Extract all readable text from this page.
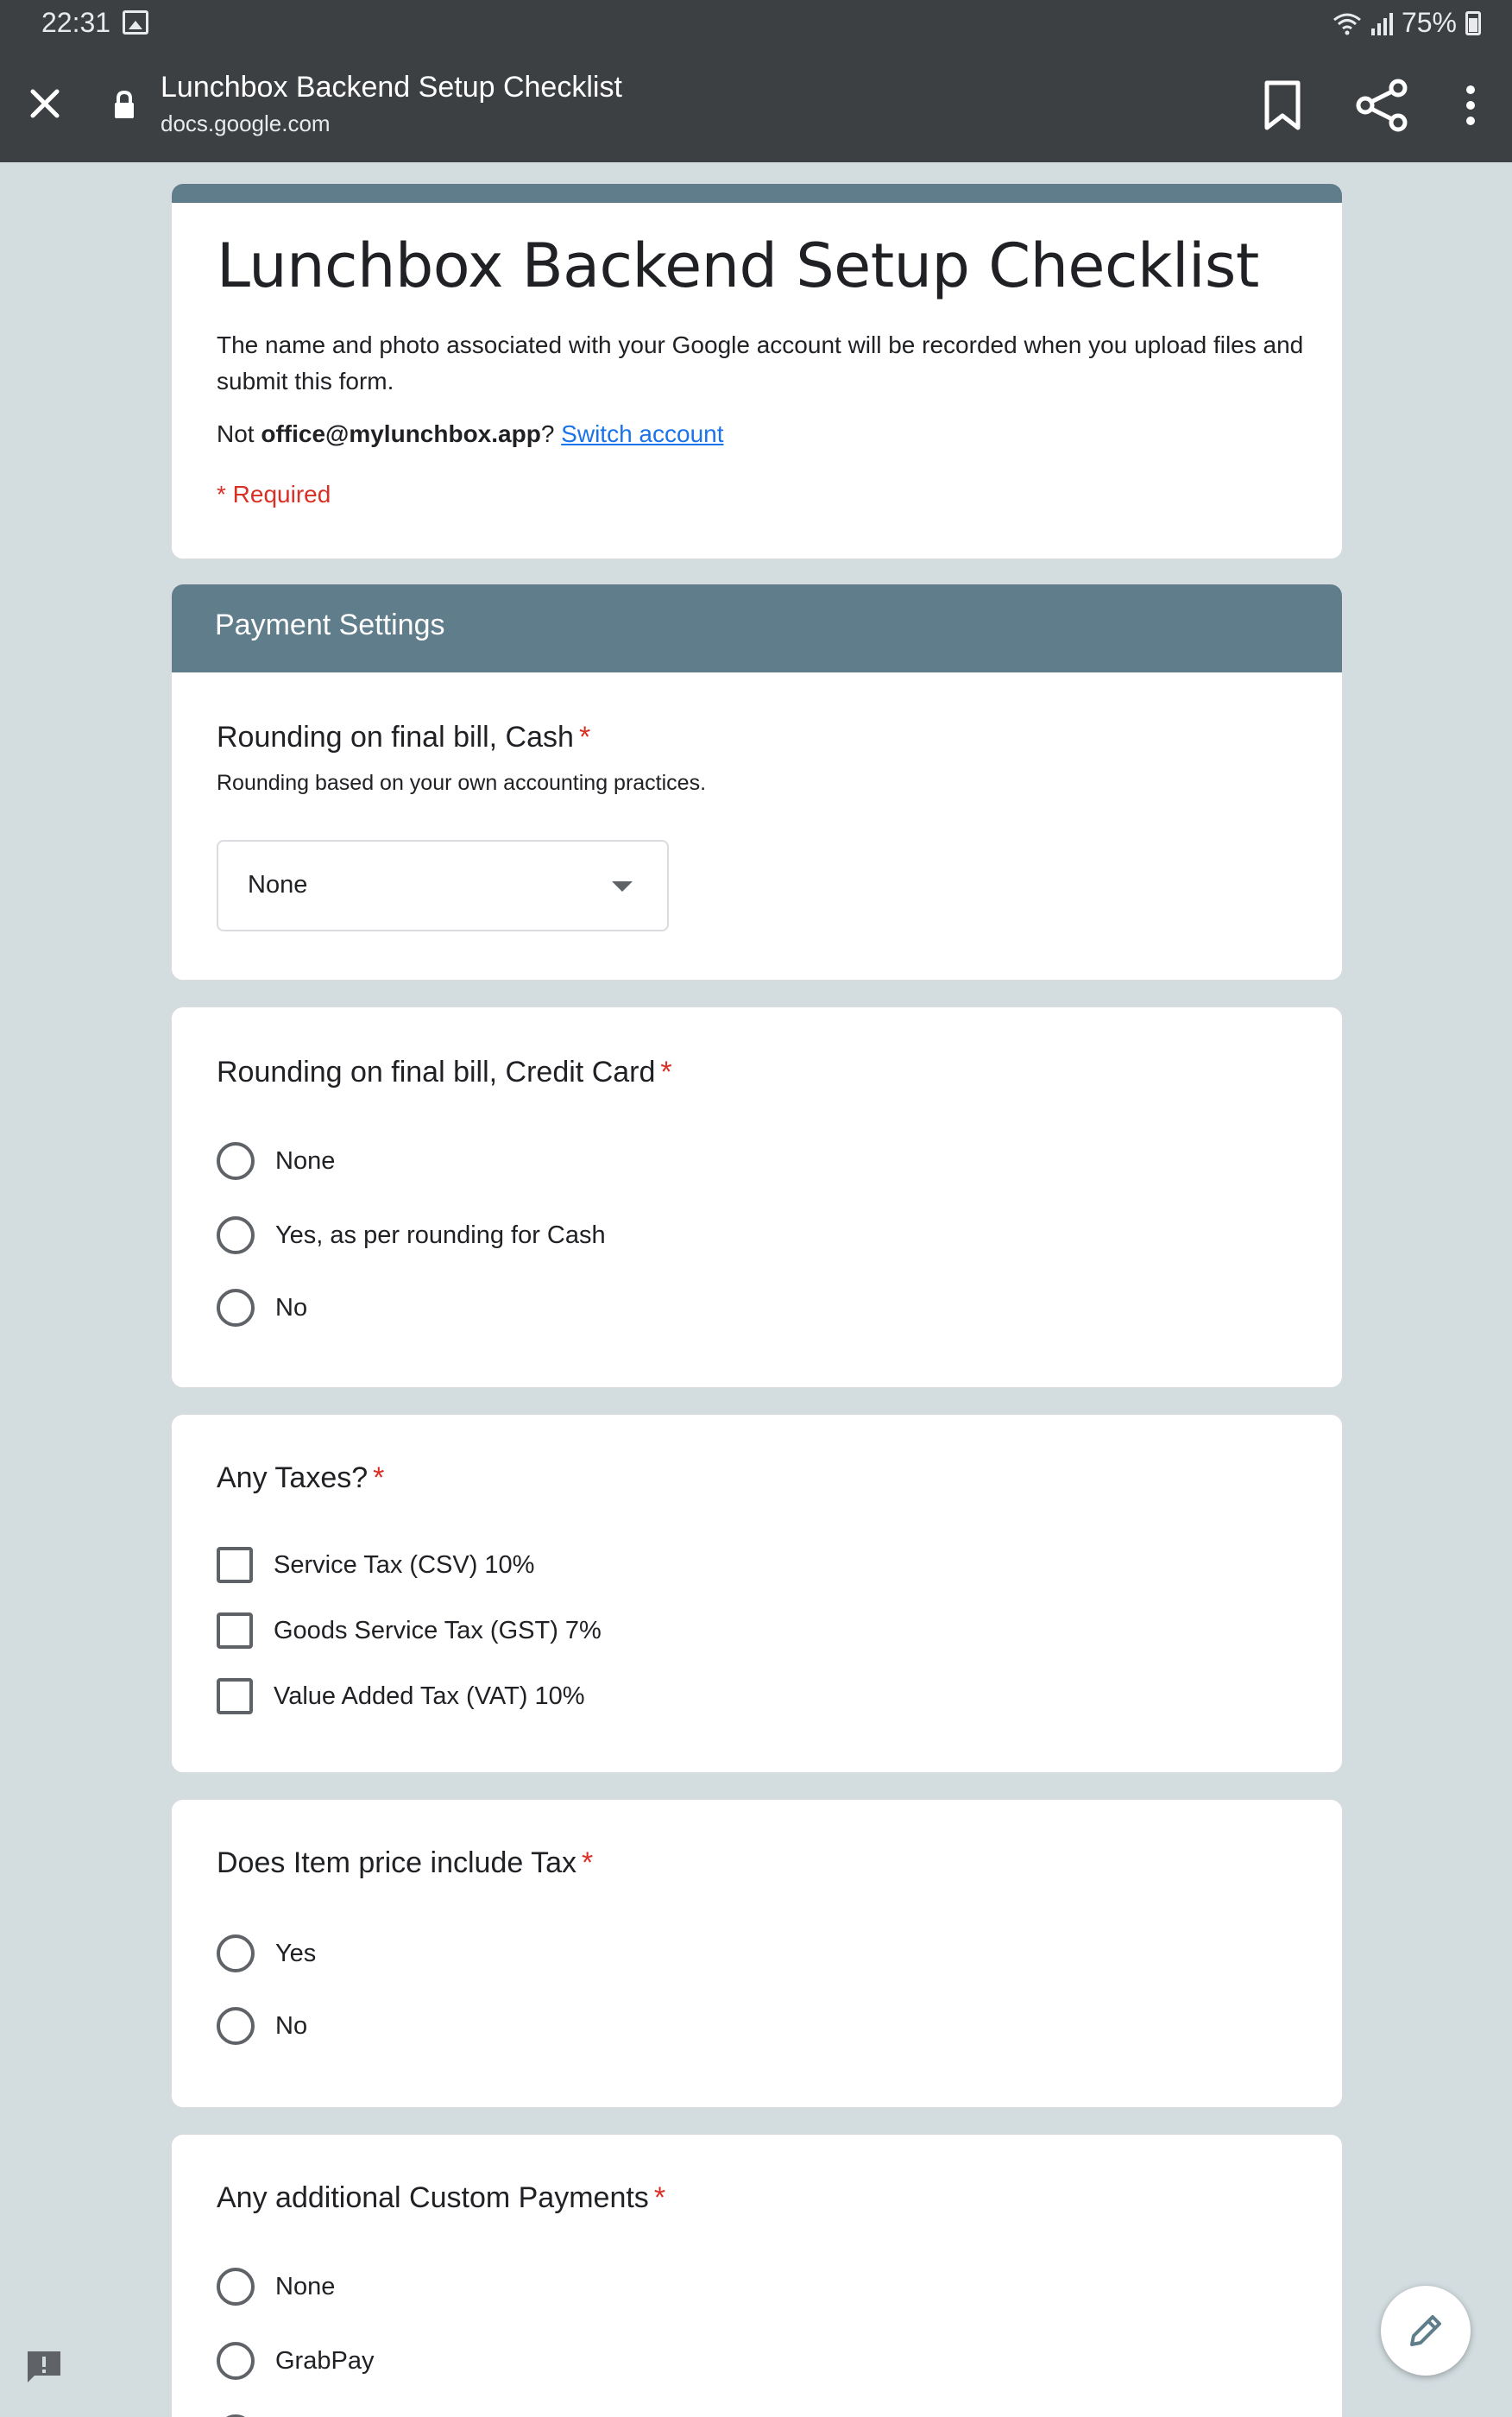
22:31	75%
Lunchbox Backend Setup Checklist
docs.google.com
Lunchbox Backend Setup Checklist
The name and photo associated with your Google account will be recorded when you upload files and submit this form.
Not office@mylunchbox.app? Switch account
* Required
Payment Settings
Rounding on final bill, Cash *
Rounding based on your own accounting practices.
None
Rounding on final bill, Credit Card *
None
Yes, as per rounding for Cash
No
Any Taxes? *
Service Tax (CSV) 10%
Goods Service Tax (GST) 7%
Value Added Tax (VAT) 10%
Does Item price include Tax *
Yes
No
Any additional Custom Payments *
None
GrabPay
